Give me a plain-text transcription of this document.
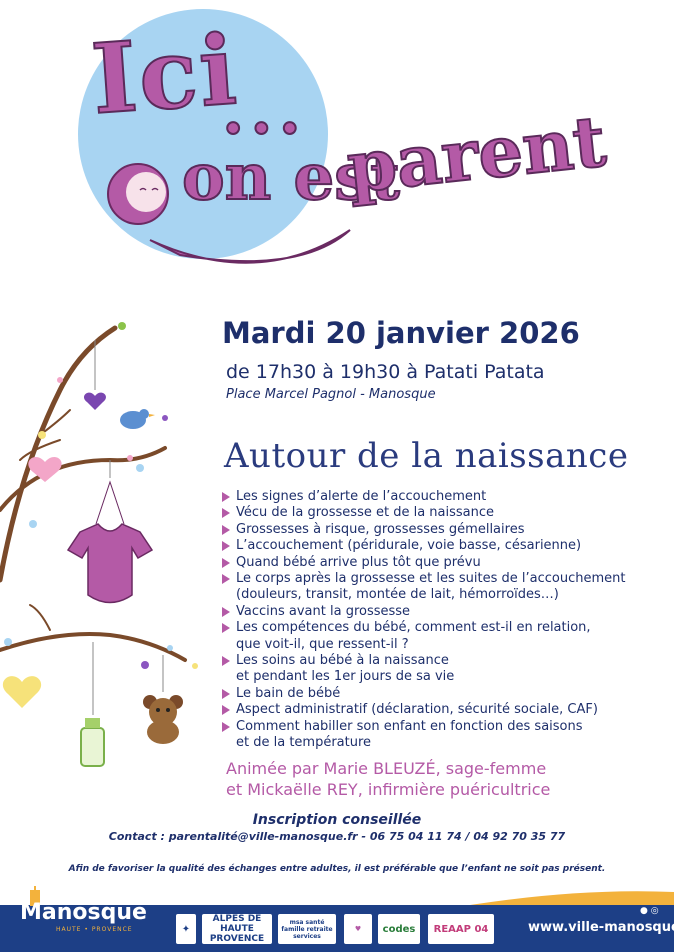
Ici
...
on est
parent
Mardi 20 janvier 2026
de 17h30 à 19h30 à Patati Patata
Place Marcel Pagnol - Manosque
Autour de la naissance
Les signes d’alerte de l’accouchement
Vécu de la grossesse et de la naissance
Grossesses à risque, grossesses gémellaires
L’accouchement (péridurale, voie basse, césarienne)
Quand bébé arrive plus tôt que prévu
Le corps après la grossesse et les suites de l’accouchement
(douleurs, transit, montée de lait, hémorroïdes…)
Vaccins avant la grossesse
Les compétences du bébé, comment est-il en relation,
que voit-il, que ressent-il ?
Les soins au bébé à la naissance
et pendant les 1er jours de sa vie
Le bain de bébé
Aspect administratif (déclaration, sécurité sociale, CAF)
Comment habiller son enfant en fonction des saisons
et de la température
Animée par Marie BLEUZÉ, sage-femme
et Mickaëlle REY, infirmière puéricultrice
Inscription conseillée
Contact : parentalité@ville-manosque.fr - 06 75 04 11 74 / 04 92 70 35 77
Afin de favoriser la qualité des échanges entre adultes, il est préférable que l’enfant ne soit pas présent.
Manosque
HAUTE • PROVENCE
● ◎
✦
ALPES DE HAUTE PROVENCE
msa santé famille retraite services
♥	codes	REAAP 04	www.ville-manosque.fr
